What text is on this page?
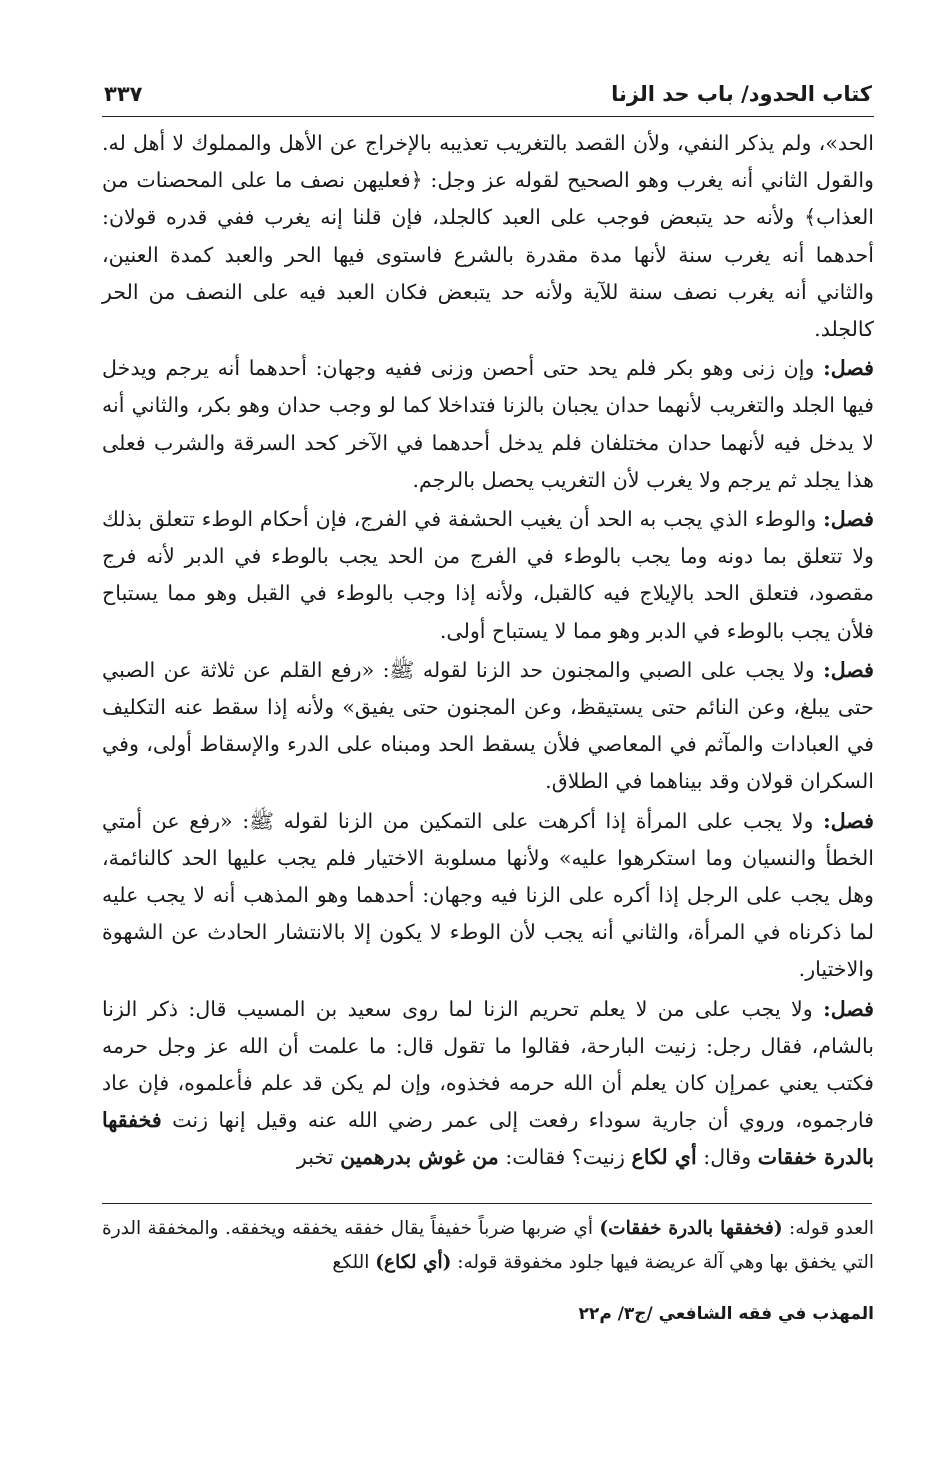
كتاب الحدود/ باب حد الزنا
٣٣٧

الحد»، ولم يذكر النفي، ولأن القصد بالتغريب تعذيبه بالإخراج عن الأهل والمملوك لا أهل له. والقول الثاني أنه يغرب وهو الصحيح لقوله عز وجل: ﴿فعليهن نصف ما على المحصنات من العذاب﴾ ولأنه حد يتبعض فوجب على العبد كالجلد، فإن قلنا إنه يغرب ففي قدره قولان: أحدهما أنه يغرب سنة لأنها مدة مقدرة بالشرع فاستوى فيها الحر والعبد كمدة العنين، والثاني أنه يغرب نصف سنة للآية ولأنه حد يتبعض فكان العبد فيه على النصف من الحر كالجلد.

فصل: وإن زنى وهو بكر فلم يحد حتى أحصن وزنى ففيه وجهان: أحدهما أنه يرجم ويدخل فيها الجلد والتغريب لأنهما حدان يجبان بالزنا فتداخلا كما لو وجب حدان وهو بكر، والثاني أنه لا يدخل فيه لأنهما حدان مختلفان فلم يدخل أحدهما في الآخر كحد السرقة والشرب فعلى هذا يجلد ثم يرجم ولا يغرب لأن التغريب يحصل بالرجم.

فصل: والوطء الذي يجب به الحد أن يغيب الحشفة في الفرج، فإن أحكام الوطء تتعلق بذلك ولا تتعلق بما دونه وما يجب بالوطء في الفرج من الحد يجب بالوطء في الدبر لأنه فرج مقصود، فتعلق الحد بالإيلاج فيه كالقبل، ولأنه إذا وجب بالوطء في القبل وهو مما يستباح فلأن يجب بالوطء في الدبر وهو مما لا يستباح أولى.

فصل: ولا يجب على الصبي والمجنون حد الزنا لقوله ﷺ: «رفع القلم عن ثلاثة عن الصبي حتى يبلغ، وعن النائم حتى يستيقظ، وعن المجنون حتى يفيق» ولأنه إذا سقط عنه التكليف في العبادات والمآثم في المعاصي فلأن يسقط الحد ومبناه على الدرء والإسقاط أولى، وفي السكران قولان وقد بيناهما في الطلاق.

فصل: ولا يجب على المرأة إذا أكرهت على التمكين من الزنا لقوله ﷺ: «رفع عن أمتي الخطأ والنسيان وما استكرهوا عليه» ولأنها مسلوبة الاختيار فلم يجب عليها الحد كالنائمة، وهل يجب على الرجل إذا أكره على الزنا فيه وجهان: أحدهما وهو المذهب أنه لا يجب عليه لما ذكرناه في المرأة، والثاني أنه يجب لأن الوطء لا يكون إلا بالانتشار الحادث عن الشهوة والاختيار.

فصل: ولا يجب على من لا يعلم تحريم الزنا لما روى سعيد بن المسيب قال: ذكر الزنا بالشام، فقال رجل: زنيت البارحة، فقالوا ما تقول قال: ما علمت أن الله عز وجل حرمه فكتب يعني عمرإن كان يعلم أن الله حرمه فخذوه، وإن لم يكن قد علم فأعلموه، فإن عاد فارجموه، وروي أن جارية سوداء رفعت إلى عمر رضي الله عنه وقيل إنها زنت فخفقها بالدرة خفقات وقال: أي لكاع زنيت؟ فقالت: من غوش بدرهمين تخبر

العدو قوله: (فخفقها بالدرة خفقات) أي ضربها ضرباً خفيفاً يقال خفقه يخفقه ويخفقه. والمخفقة الدرة التي يخفق بها وهي آلة عريضة فيها جلود مخفوقة قوله: (أي لكاع) اللكع

المهذب في فقه الشافعي /ج٣/ م٢٢
